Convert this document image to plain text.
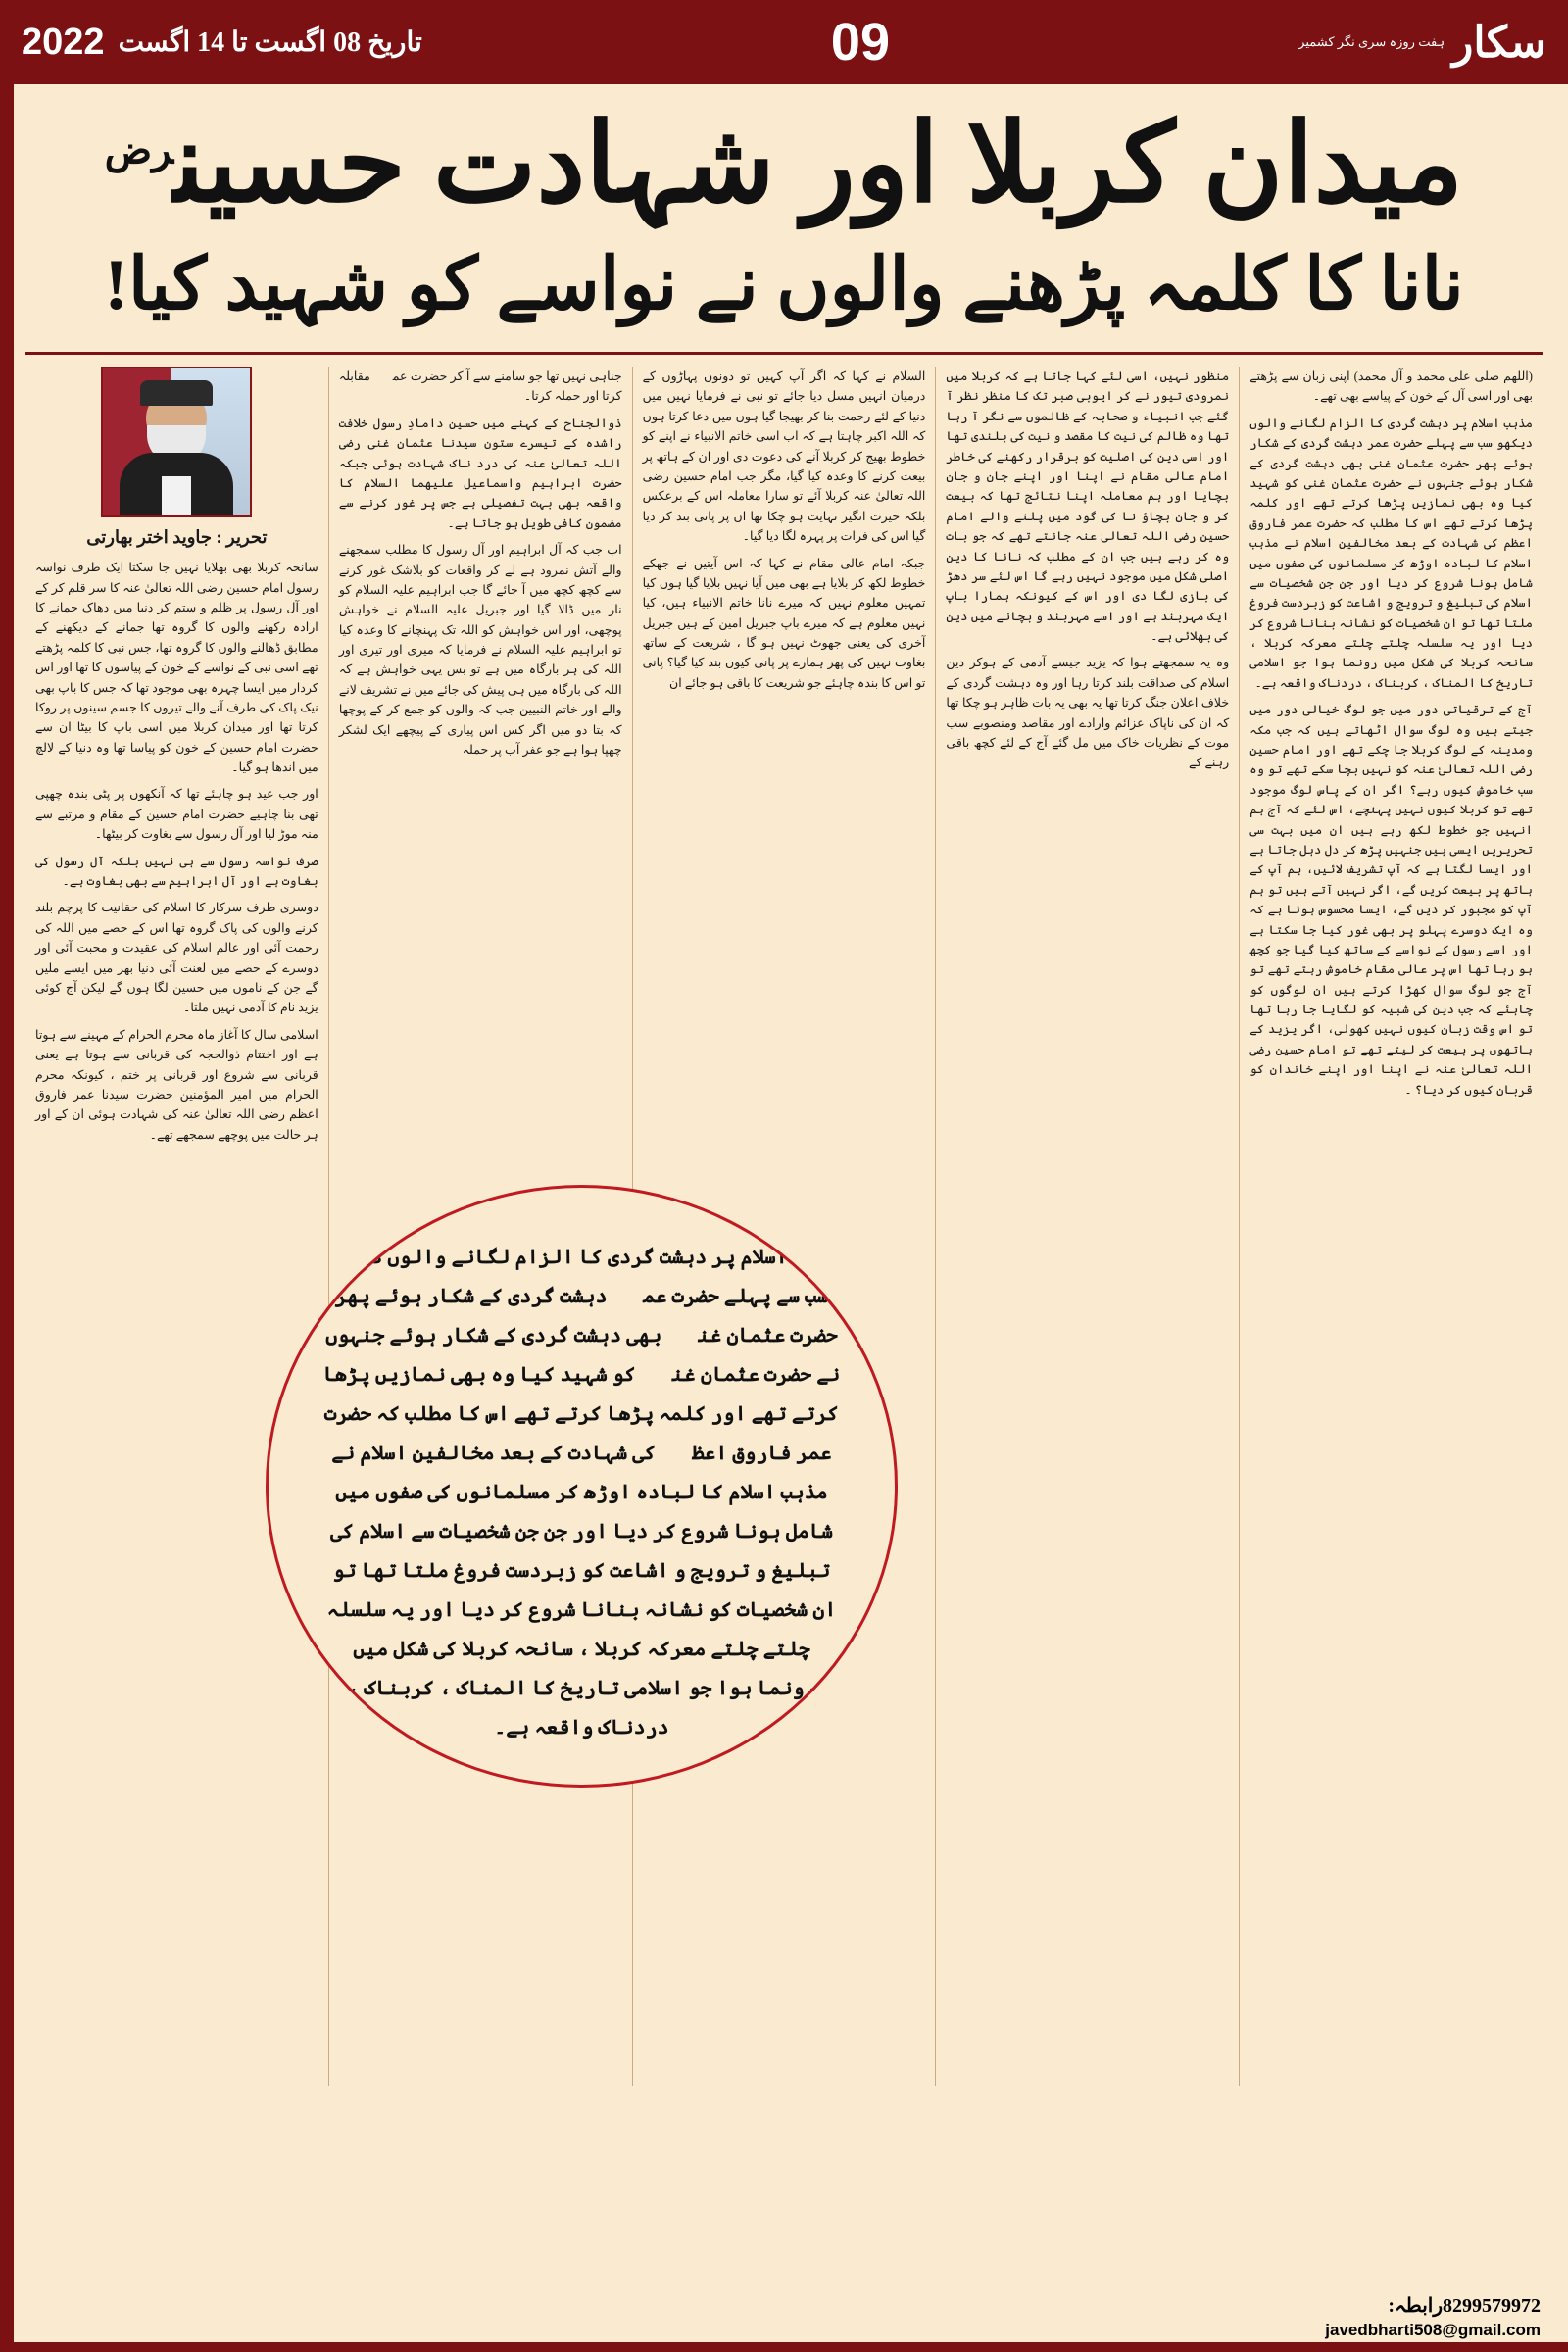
سکار
ہفت روزہ سری نگر کشمیر
09
تاریخ 08 اگست تا 14 اگست
2022
میدان کربلا اور شہادت حسین$^{رض}$
نانا کا کلمہ پڑھنے والوں نے نواسے کو شہید کیا!

(اللھم صلی علی محمد و آل محمد) اپنی زبان سے پڑھتے بھی اور اسی آل کے خون کے پیاسے بھی تھے۔

مذہب اسلام پر دہشت گردی کا الزام لگانے والوں دیکھو سب سے پہلے حضرت عمر دہشت گردی کے شکار ہوئے پھر حضرت عثمان غنی بھی دہشت گردی کے شکار ہوئے جنہوں نے حضرت عثمان غنی کو شہید کیا وہ بھی نمازیں پڑھا کرتے تھے اور کلمہ پڑھا کرتے تھے اس کا مطلب کہ حضرت عمر فاروق اعظم کی شہادت کے بعد مخالفین اسلام نے مذہب اسلام کا لبادہ اوڑھ کر مسلمانوں کی صفوں میں شامل ہونا شروع کر دیا اور جن جن شخصیات سے اسلام کی تبلیغ و ترویج و اشاعت کو زبردست فروغ ملتا تھا تو ان شخصیات کو نشانہ بنانا شروع کر دیا اور یہ سلسلہ چلتے چلتے معرکہ کربلا ، سانحہ کربلا کی شکل میں رونما ہوا جو اسلامی تاریخ کا المناک ، کربناک ، دردناک واقعہ ہے۔

آج کے ترقیاتی دور میں جو لوگ خیالی دور میں جیتے ہیں وہ لوگ سوال اٹھاتے ہیں کہ جب مکہ ومدینہ کے لوگ کربلا جا چکے تھے اور امام حسین رضی اللہ تعالیٰ عنہ کو نہیں بچا سکے تھے تو وہ سب خاموش کیوں رہے؟ اگر ان کے پاس لوگ موجود تھے تو کربلا کیوں نہیں پہنچے، اس لئے کہ آج ہم انہیں جو خطوط لکھ رہے ہیں ان میں بہت سی تحریریں ایسی ہیں جنہیں پڑھ کر دل دہل جاتا ہے اور ایسا لگتا ہے کہ آپ تشریف لائیں، ہم آپ کے ہاتھ پر بیعت کریں گے، اگر نہیں آتے ہیں تو ہم آپ کو مجبور کر دیں گے، ایسا محسوس ہوتا ہے کہ وہ ایک دوسرے پہلو پر بھی غور کیا جا سکتا ہے اور اسے رسول کے نواسے کے ساتھ کیا گیا جو کچھ ہو رہا تھا اس پر عالی مقام خاموش رہتے تھے تو آج جو لوگ سوال کھڑا کرتے ہیں ان لوگوں کو چاہئے کہ جب دین کی شبیہ کو لگایا جا رہا تھا تو اس وقت زبان کیوں نہیں کھولی، اگر یزید کے ہاتھوں پر بیعت کر لیتے تھے تو امام حسین رضی اللہ تعالیٰ عنہ نے اپنا اور اپنے خاندان کو قربان کیوں کر دیا؟ ۔

منظور نہیں، اسی لئے کہا جاتا ہے کہ کربلا میں نمرودی تیور نے کر ایوبی صبر تک کا منظر نظر آ گئے جب انبیاء و صحابہ کے ظالموں سے نگر آ رہا تھا وہ ظالم کی نیت کا مقصد و نیت کی بلندی تھا اور اسی دین کی اصلیت کو برقرار رکھنے کی خاطر امام عالی مقام نے اپنا اور اپنے جان و جان بچایا اور ہم معاملہ اپنا نتائج تھا کہ بیعت کر و جان بچاؤ نا کی گود میں پلنے والے امام حسین رضی اللہ تعالیٰ عنہ جانتے تھے کہ جو بات وہ کر رہے ہیں جب ان کے مطلب کہ نانا کا دین اصلی شکل میں موجود نہیں رہے گا اس لئے سر دھڑ کی بازی لگا دی اور اس کے کیونکہ ہمارا باپ ایک مہربند ہے اور اسے مہربند و بچانے میں دین کی بھلائی ہے۔

وہ یہ سمجھتے ہوا کہ یزید جیسے آدمی کے ہوکر دین اسلام کی صداقت بلند کرتا رہا اور وہ دہشت گردی کے خلاف اعلان جنگ کرتا تھا یہ بھی یہ بات ظاہر ہو چکا تھا کہ ان کی ناپاک عزائم وارادے اور مقاصد ومنصوبے سب موت کے نظریات خاک میں مل گئے آج کے لئے کچھ باقی رہنے کے

السلام نے کہا کہ اگر آپ کہیں تو دونوں پہاڑوں کے درمیان انہیں مسل دیا جائے تو نبی نے فرمایا نہیں میں دنیا کے لئے رحمت بنا کر بھیجا گیا ہوں میں دعا کرتا ہوں کہ اللہ اکبر چاہتا ہے کہ اب اسی خاتم الانبیاء نے اپنے کو خطوط بھیج کر کربلا آنے کی دعوت دی اور ان کے ہاتھ پر بیعت کرنے کا وعدہ کیا گیا، مگر جب امام حسین رضی اللہ تعالیٰ عنہ کربلا آئے تو سارا معاملہ اس کے برعکس بلکہ حیرت انگیز نہایت ہو چکا تھا ان پر پانی بند کر دیا گیا اس کی فرات پر پہرہ لگا دیا گیا۔

جبکہ امام عالی مقام نے کہا کہ اس آیتیں نے جھکے خطوط لکھ کر بلایا ہے بھی میں آیا نہیں بلایا گیا ہوں کیا تمہیں معلوم نہیں کہ میرے نانا خاتم الانبیاء ہیں، کیا نہیں معلوم ہے کہ میرے باپ جبریل امین کے ہیں جبریل آخری کی یعنی جھوٹ نہیں ہو گا ، شریعت کے ساتھ بغاوت نہیں کی پھر ہمارے پر پانی کیوں بند کیا گیا؟ پانی تو اس کا بندہ چاہئے جو شریعت کا باقی ہو جائے ان

جناہی نہیں تھا جو سامنے سے آ کر حضرت عمرؓ مقابلہ کرتا اور حملہ کرتا۔

ذوالجناح کے کہنے میں حسین دامادِ رسول خلافت راشدہ کے تیسرے ستون سیدنا عثمان غنی رضی اللہ تعالیٰ عنہ کی درد ناک شہادت ہوئی جبکہ حضرت ابراہیم واسماعیل علیھما السلام کا واقعہ بھی بہت تفصیلی ہے جس پر غور کرنے سے مضمون کافی طویل ہو جاتا ہے۔

اب جب کہ آل ابراہیم اور آل رسول کا مطلب سمجھنے والے آتش نمرود ہے لے کر واقعات کو بلاشک غور کرنے سے کچھ کچھ میں آ جائے گا جب ابراہیم علیہ السلام کو نار میں ڈالا گیا اور جبریل علیہ السلام نے خواہش پوچھی، اور اس خواہش کو اللہ تک پہنچانے کا وعدہ کیا تو ابراہیم علیہ السلام نے فرمایا کہ میری اور تیری اور اللہ کی ہر بارگاہ میں ہے تو بس یہی خواہش ہے کہ اللہ کی بارگاہ میں ہی پیش کی جائے میں نے تشریف لانے والے اور خاتم النبیین جب کہ والوں کو جمع کر کے پوچھا کہ بتا دو میں اگر کس اس پیاری کے پیچھے ایک لشکر چھپا ہوا ہے جو عفر آب پر حملہ

تحریر : جاوید اختر بھارتی

سانحہ کربلا بھی بھلایا نہیں جا سکتا ایک طرف نواسہ رسول امام حسین رضی اللہ تعالیٰ عنہ کا سر قلم کر کے اور آل رسول پر ظلم و ستم کر دنیا میں دھاک جمانے کا ارادہ رکھنے والوں کا گروہ تھا جمانے کے دیکھنے کے مطابق ڈھالنے والوں کا گروہ تھا، جس نبی کا کلمہ پڑھتے تھے اسی نبی کے نواسے کے خون کے پیاسوں کا تھا اور اس کردار میں ایسا چہرہ بھی موجود تھا کہ جس کا باپ بھی نیک پاک کی طرف آنے والے تیروں کا جسم سینوں پر روکا کرتا تھا اور میدان کربلا میں اسی باپ کا بیٹا ان سے حضرت امام حسین کے خون کو پیاسا تھا وہ دنیا کے لالچ میں اندھا ہو گیا۔

اور جب عید ہو چاہئے تھا کہ آنکھوں پر پٹی بندہ چھپی تھی بنا چاہیے حضرت امام حسین کے مقام و مرتبے سے منہ موڑ لیا اور آل رسول سے بغاوت کر بیٹھا۔

صرف نواسہ رسول سے ہی نہیں بلکہ آل رسول کی بغاوت ہے اور آل ابراہیم سے بھی بغاوت ہے۔

دوسری طرف سرکار کا اسلام کی حقانیت کا پرچم بلند کرنے والوں کی پاک گروہ تھا اس کے حصے میں اللہ کی رحمت آئی اور عالم اسلام کی عقیدت و محبت آئی اور دوسرے کے حصے میں لعنت آئی دنیا بھر میں ایسے ملیں گے جن کے ناموں میں حسین لگا ہوں گے لیکن آج کوئی یزید نام کا آدمی نہیں ملتا۔

اسلامی سال کا آغاز ماہ محرم الحرام کے مہینے سے ہوتا ہے اور اختتام ذوالحجہ کی قربانی سے ہوتا ہے یعنی قربانی سے شروع اور قربانی پر ختم ، کیونکہ محرم الحرام میں امیر المؤمنین حضرت سیدنا عمر فاروق اعظم رضی اللہ تعالیٰ عنہ کی شہادت ہوئی ان کے اور ہر حالت میں پوچھے سمجھے تھے۔

مذہب اسلام پر دہشت گردی کا الزام لگانے والوں دیکھو سب سے پہلے حضرت عمرؓ دہشت گردی کے شکار ہوئے پھر حضرت عثمان غنیؓ بھی دہشت گردی کے شکار ہوئے جنہوں نے حضرت عثمان غنیؓ کو شہید کیا وہ بھی نمازیں پڑھا کرتے تھے اور کلمہ پڑھا کرتے تھے اس کا مطلب کہ حضرت عمر فاروق اعظمؓ کی شہادت کے بعد مخالفین اسلام نے مذہب اسلام کا لبادہ اوڑھ کر مسلمانوں کی صفوں میں شامل ہونا شروع کر دیا اور جن جن شخصیات سے اسلام کی تبلیغ و ترویج و اشاعت کو زبردست فروغ ملتا تھا تو ان شخصیات کو نشانہ بنانا شروع کر دیا اور یہ سلسلہ چلتے چلتے معرکہ کربلا ، سانحہ کربلا کی شکل میں رونما ہوا جو اسلامی تاریخ کا المناک ، کربناک ، دردناک واقعہ ہے۔
8299579972رابطہ:
javedbharti508@gmail.com
